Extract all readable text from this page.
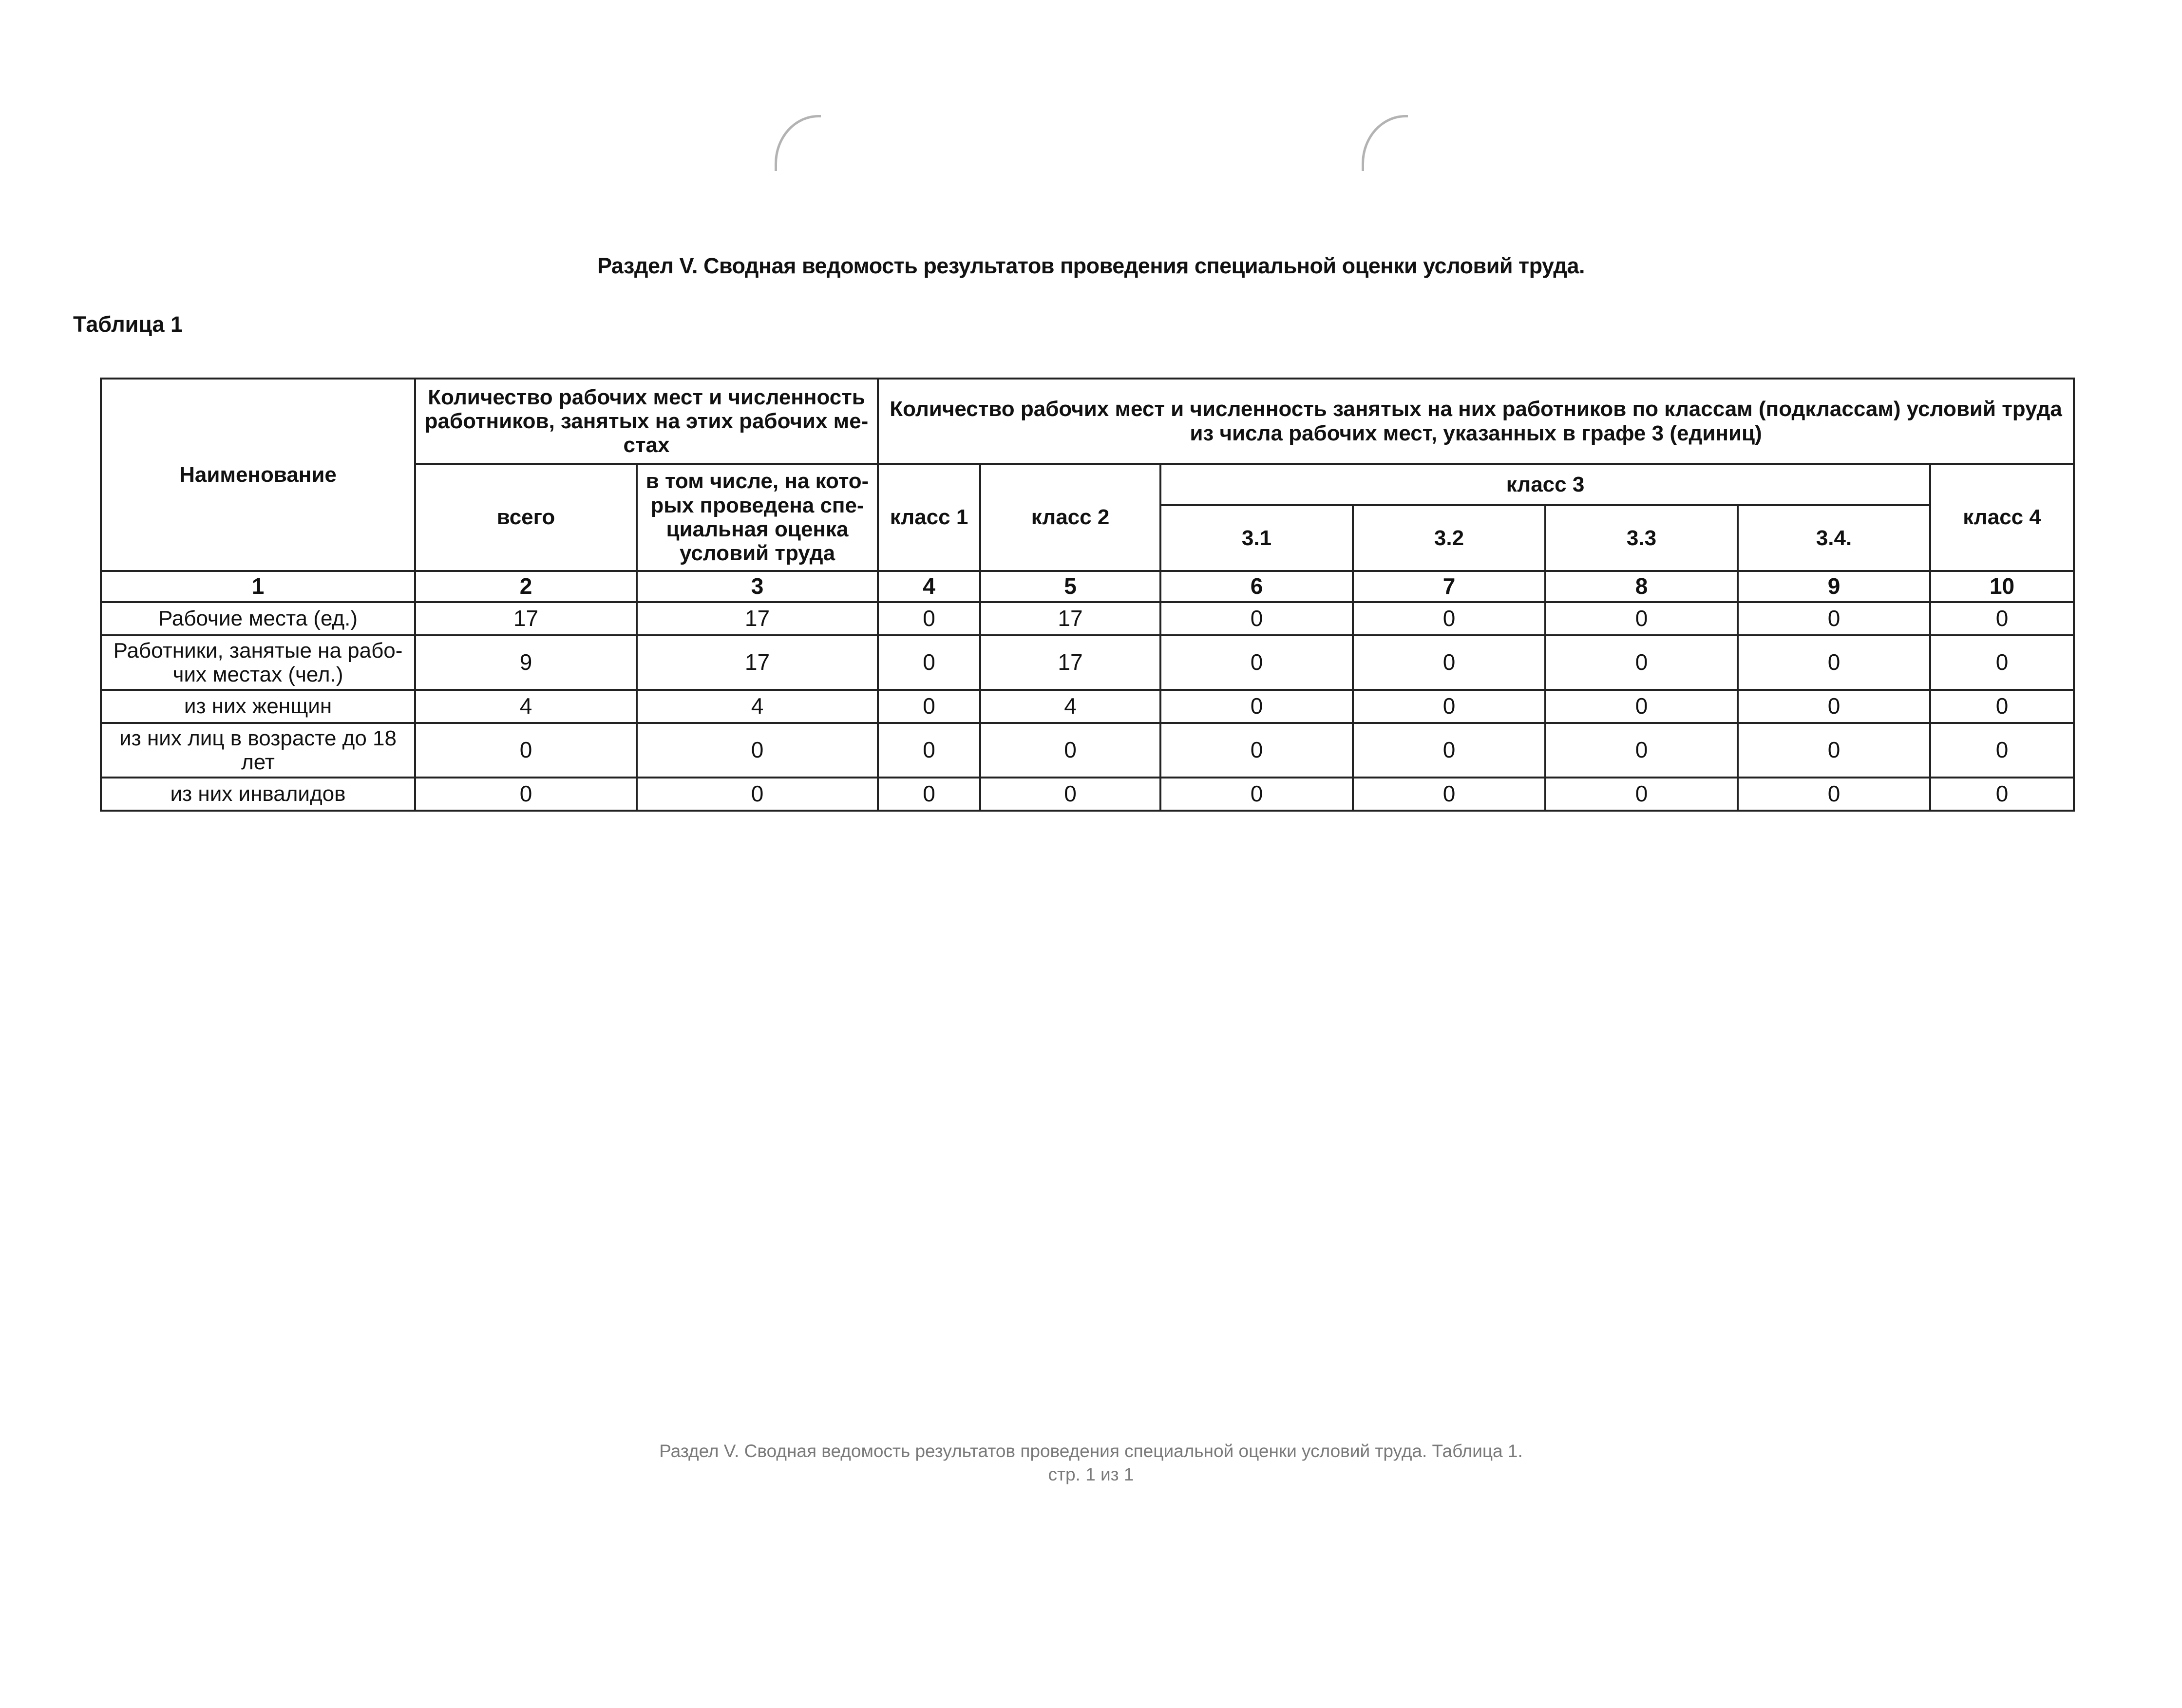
Раздел V. Сводная ведомость результатов проведения специальной оценки условий труда.
Таблица 1
Наименование	Количество рабочих мест и численность работников, занятых на этих рабочих ме-стах		Количество рабочих мест и численность занятых на них работников по классам (подклассам) условий труда из числа рабочих мест, указанных в графе 3 (единиц)						
	всего	в том числе, на кото-рых проведена спе-циальная оценка условий труда	класс 1	класс 2	класс 3				класс 4
					3.1	3.2	3.3	3.4.	
1	2	3	4	5	6	7	8	9	10
Рабочие места (ед.)	17	17	0	17	0	0	0	0	0
Работники, занятые на рабо-чих местах (чел.)	9	17	0	17	0	0	0	0	0
из них женщин	4	4	0	4	0	0	0	0	0
из них лиц в возрасте до 18 лет	0	0	0	0	0	0	0	0	0
из них инвалидов	0	0	0	0	0	0	0	0	0
Раздел V. Сводная ведомость результатов проведения специальной оценки условий труда. Таблица 1.
стр. 1 из 1
